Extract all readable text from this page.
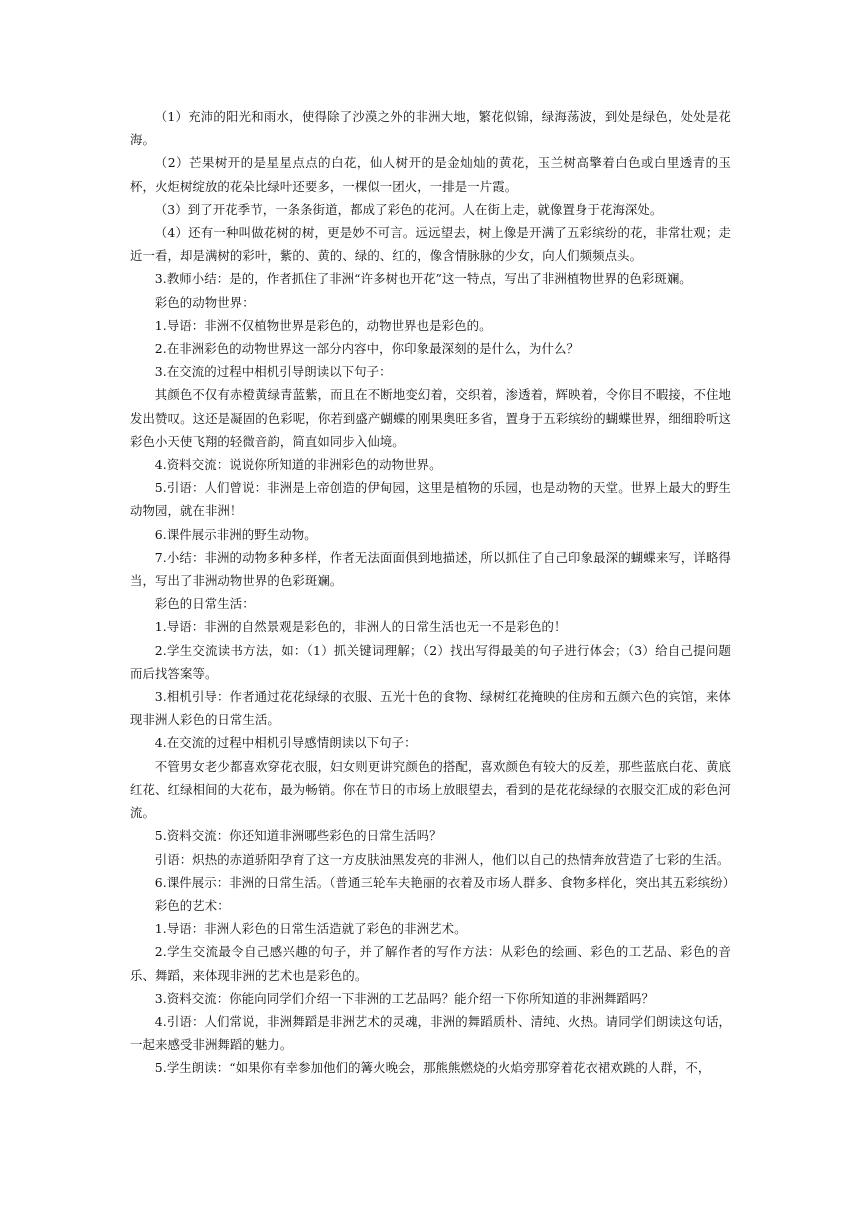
（1）充沛的阳光和雨水，使得除了沙漠之外的非洲大地，繁花似锦，绿海荡波，到处是绿色，处处是花海。

（2）芒果树开的是星星点点的白花，仙人树开的是金灿灿的黄花，玉兰树高擎着白色或白里透青的玉杯，火炬树绽放的花朵比绿叶还要多，一棵似一团火，一排是一片霞。

（3）到了开花季节，一条条街道，都成了彩色的花河。人在街上走，就像置身于花海深处。

（4）还有一种叫做花树的树，更是妙不可言。远远望去，树上像是开满了五彩缤纷的花，非常壮观；走近一看，却是满树的彩叶，紫的、黄的、绿的、红的，像含情脉脉的少女，向人们频频点头。

3.教师小结：是的，作者抓住了非洲“许多树也开花”这一特点，写出了非洲植物世界的色彩斑斓。

彩色的动物世界：

1.导语：非洲不仅植物世界是彩色的，动物世界也是彩色的。

2.在非洲彩色的动物世界这一部分内容中，你印象最深刻的是什么，为什么？

3.在交流的过程中相机引导朗读以下句子：

其颜色不仅有赤橙黄绿青蓝紫，而且在不断地变幻着，交织着，渗透着，辉映着，令你目不暇接，不住地发出赞叹。这还是凝固的色彩呢，你若到盛产蝴蝶的刚果奥旺多省，置身于五彩缤纷的蝴蝶世界，细细聆听这彩色小天使飞翔的轻微音韵，简直如同步入仙境。

4.资料交流：说说你所知道的非洲彩色的动物世界。

5.引语：人们曾说：非洲是上帝创造的伊甸园，这里是植物的乐园，也是动物的天堂。世界上最大的野生动物园，就在非洲！

6.课件展示非洲的野生动物。

7.小结：非洲的动物多种多样，作者无法面面俱到地描述，所以抓住了自己印象最深的蝴蝶来写，详略得当，写出了非洲动物世界的色彩斑斓。

彩色的日常生活：

1.导语：非洲的自然景观是彩色的，非洲人的日常生活也无一不是彩色的！

2.学生交流读书方法，如：（1）抓关键词理解；（2）找出写得最美的句子进行体会；（3）给自己提问题而后找答案等。

3.相机引导：作者通过花花绿绿的衣服、五光十色的食物、绿树红花掩映的住房和五颜六色的宾馆，来体现非洲人彩色的日常生活。

4.在交流的过程中相机引导感情朗读以下句子：

不管男女老少都喜欢穿花衣服，妇女则更讲究颜色的搭配，喜欢颜色有较大的反差，那些蓝底白花、黄底红花、红绿相间的大花布，最为畅销。你在节日的市场上放眼望去，看到的是花花绿绿的衣服交汇成的彩色河流。

5.资料交流：你还知道非洲哪些彩色的日常生活吗？

引语：炽热的赤道骄阳孕育了这一方皮肤油黑发亮的非洲人，他们以自己的热情奔放营造了七彩的生活。

6.课件展示：非洲的日常生活。（普通三轮车夫艳丽的衣着及市场人群多、食物多样化，突出其五彩缤纷）

彩色的艺术：

1.导语：非洲人彩色的日常生活造就了彩色的非洲艺术。

2.学生交流最令自己感兴趣的句子，并了解作者的写作方法：从彩色的绘画、彩色的工艺品、彩色的音乐、舞蹈，来体现非洲的艺术也是彩色的。

3.资料交流：你能向同学们介绍一下非洲的工艺品吗？能介绍一下你所知道的非洲舞蹈吗？

4.引语：人们常说，非洲舞蹈是非洲艺术的灵魂，非洲的舞蹈质朴、清纯、火热。请同学们朗读这句话，一起来感受非洲舞蹈的魅力。

5.学生朗读：“如果你有幸参加他们的篝火晚会，那熊熊燃烧的火焰旁那穿着花衣裙欢跳的人群，不，
